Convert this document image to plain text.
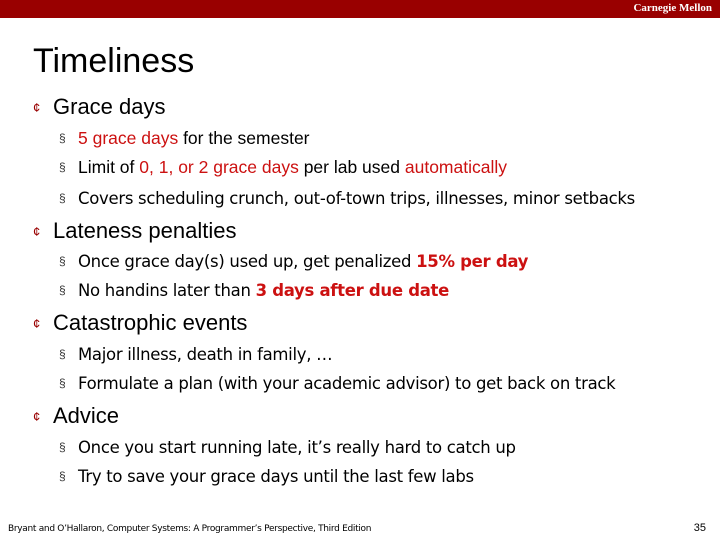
Carnegie Mellon
Timeliness
¢ Grace days
§ 5 grace days for the semester
§ Limit of 0, 1, or 2 grace days per lab used automatically
§ Covers scheduling crunch, out-of-town trips, illnesses, minor setbacks
¢ Lateness penalties
§ Once grace day(s) used up, get penalized 15% per day
§ No handins later than 3 days after due date
¢ Catastrophic events
§ Major illness, death in family, …
§ Formulate a plan (with your academic advisor) to get back on track
¢ Advice
§ Once you start running late, it’s really hard to catch up
§ Try to save your grace days until the last few labs
Bryant and O’Hallaron, Computer Systems: A Programmer’s Perspective, Third Edition	35
